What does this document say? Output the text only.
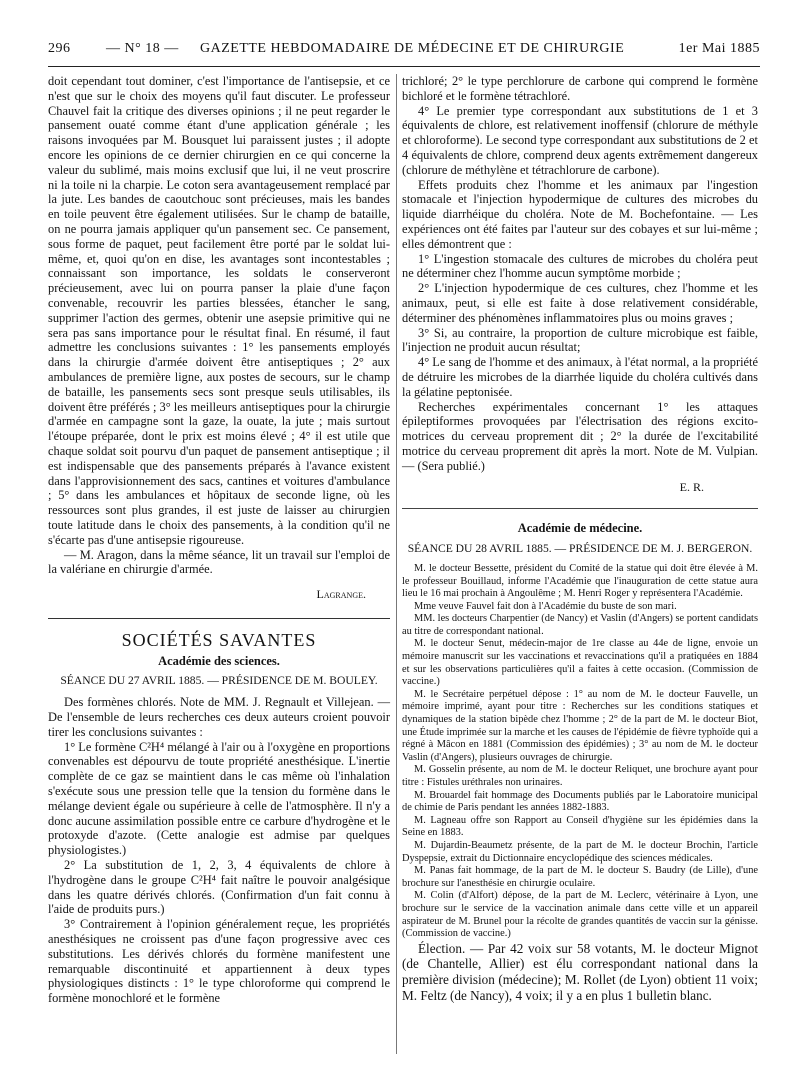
296	— N° 18 — GAZETTE HEBDOMADAIRE DE MÉDECINE ET DE CHIRURGIE	1er Mai 1885

doit cependant tout dominer, c'est l'importance de l'antisepsie, et ce n'est que sur le choix des moyens qu'il faut discuter. Le professeur Chauvel fait la critique des diverses opinions ; il ne peut regarder le pansement ouaté comme étant d'une application générale ; les raisons invoquées par M. Bousquet lui paraissent justes ; il adopte encore les opinions de ce dernier chirurgien en ce qui concerne la valeur du sublimé, mais moins exclusif que lui, il ne veut proscrire ni la toile ni la charpie. Le coton sera avantageusement remplacé par la jute. Les bandes de caoutchouc sont précieuses, mais les bandes en toile peuvent être également utilisées. Sur le champ de bataille, on ne pourra jamais appliquer qu'un pansement sec. Ce pansement, sous forme de paquet, peut facilement être porté par le soldat lui-même, et, quoi qu'on en dise, les avantages sont incontestables ; connaissant son importance, les soldats le conserveront précieusement, avec lui on pourra panser la plaie d'une façon convenable, recouvrir les parties blessées, étancher le sang, supprimer l'action des germes, obtenir une asepsie primitive qui ne sera pas sans importance pour le résultat final. En résumé, il faut admettre les conclusions suivantes : 1° les pansements employés dans la chirurgie d'armée doivent être antiseptiques ; 2° aux ambulances de première ligne, aux postes de secours, sur le champ de bataille, les pansements secs sont presque seuls utilisables, ils doivent être préférés ; 3° les meilleurs antiseptiques pour la chirurgie d'armée en campagne sont la gaze, la ouate, la jute ; mais surtout l'étoupe préparée, dont le prix est moins élevé ; 4° il est utile que chaque soldat soit pourvu d'un paquet de pansement antiseptique ; il est indispensable que des pansements préparés à l'avance existent dans l'approvisionnement des sacs, cantines et voitures d'ambulance ; 5° dans les ambulances et hôpitaux de seconde ligne, où les ressources sont plus grandes, il est juste de laisser au chirurgien toute latitude dans le choix des pansements, à la condition qu'il ne s'écarte pas d'une antisepsie rigoureuse.

— M. Aragon, dans la même séance, lit un travail sur l'emploi de la valériane en chirurgie d'armée.

Lagrange.
SOCIÉTÉS SAVANTES
Académie des sciences.
SÉANCE DU 27 AVRIL 1885. — PRÉSIDENCE DE M. BOULEY.

Des formènes chlorés. Note de MM. J. Regnault et Villejean. — De l'ensemble de leurs recherches ces deux auteurs croient pouvoir tirer les conclusions suivantes :

1° Le formène C²H⁴ mélangé à l'air ou à l'oxygène en proportions convenables est dépourvu de toute propriété anesthésique. L'inertie complète de ce gaz se maintient dans le cas même où l'inhalation s'exécute sous une pression telle que la tension du formène dans le mélange devient égale ou supérieure à celle de l'atmosphère. Il n'y a donc aucune assimilation possible entre ce carbure d'hydrogène et le protoxyde d'azote. (Cette analogie est admise par quelques physiologistes.)

2° La substitution de 1, 2, 3, 4 équivalents de chlore à l'hydrogène dans le groupe C²H⁴ fait naître le pouvoir analgésique dans les quatre dérivés chlorés. (Confirmation d'un fait connu à l'aide de produits purs.)

3° Contrairement à l'opinion généralement reçue, les propriétés anesthésiques ne croissent pas d'une façon progressive avec ces substitutions. Les dérivés chlorés du formène manifestent une remarquable discontinuité et appartiennent à deux types physiologiques distincts : 1° le type chloroforme qui comprend le formène monochloré et le formène

trichloré; 2° le type perchlorure de carbone qui comprend le formène bichloré et le formène tétrachloré.

4° Le premier type correspondant aux substitutions de 1 et 3 équivalents de chlore, est relativement inoffensif (chlorure de méthyle et chloroforme). Le second type correspondant aux substitutions de 2 et 4 équivalents de chlore, comprend deux agents extrêmement dangereux (chlorure de méthylène et tétrachlorure de carbone).

Effets produits chez l'homme et les animaux par l'ingestion stomacale et l'injection hypodermique de cultures des microbes du liquide diarrhéique du choléra. Note de M. Bochefontaine. — Les expériences ont été faites par l'auteur sur des cobayes et sur lui-même ; elles démontrent que :

1° L'ingestion stomacale des cultures de microbes du choléra peut ne déterminer chez l'homme aucun symptôme morbide ;

2° L'injection hypodermique de ces cultures, chez l'homme et les animaux, peut, si elle est faite à dose relativement considérable, déterminer des phénomènes inflammatoires plus ou moins graves ;

3° Si, au contraire, la proportion de culture microbique est faible, l'injection ne produit aucun résultat;

4° Le sang de l'homme et des animaux, à l'état normal, a la propriété de détruire les microbes de la diarrhée liquide du choléra cultivés dans la gélatine peptonisée.

Recherches expérimentales concernant 1° les attaques épileptiformes provoquées par l'électrisation des régions excito-motrices du cerveau proprement dit ; 2° la durée de l'excitabilité motrice du cerveau proprement dit après la mort. Note de M. Vulpian. — (Sera publié.)

E. R.
Académie de médecine.
SÉANCE DU 28 AVRIL 1885. — PRÉSIDENCE DE M. J. BERGERON.

M. le docteur Bessette, président du Comité de la statue qui doit être élevée à M. le professeur Bouillaud, informe l'Académie que l'inauguration de cette statue aura lieu le 16 mai prochain à Angoulême ; M. Henri Roger y représentera l'Académie.

Mme veuve Fauvel fait don à l'Académie du buste de son mari.

MM. les docteurs Charpentier (de Nancy) et Vaslin (d'Angers) se portent candidats au titre de correspondant national.

M. le docteur Senut, médecin-major de 1re classe au 44e de ligne, envoie un mémoire manuscrit sur les vaccinations et revaccinations qu'il a pratiquées en 1884 et sur les observations particulières qu'il a faites à cette occasion. (Commission de vaccine.)

M. le Secrétaire perpétuel dépose : 1° au nom de M. le docteur Fauvelle, un mémoire imprimé, ayant pour titre : Recherches sur les conditions statiques et dynamiques de la station bipède chez l'homme ; 2° de la part de M. le docteur Biot, une Étude imprimée sur la marche et les causes de l'épidémie de fièvre typhoïde qui a régné à Mâcon en 1881 (Commission des épidémies) ; 3° au nom de M. le docteur Vaslin (d'Angers), plusieurs ouvrages de chirurgie.

M. Gosselin présente, au nom de M. le docteur Reliquet, une brochure ayant pour titre : Fistules uréthrales non urinaires.

M. Brouardel fait hommage des Documents publiés par le Laboratoire municipal de chimie de Paris pendant les années 1882-1883.

M. Lagneau offre son Rapport au Conseil d'hygiène sur les épidémies dans la Seine en 1883.

M. Dujardin-Beaumetz présente, de la part de M. le docteur Brochin, l'article Dyspepsie, extrait du Dictionnaire encyclopédique des sciences médicales.

M. Panas fait hommage, de la part de M. le docteur S. Baudry (de Lille), d'une brochure sur l'anesthésie en chirurgie oculaire.

M. Colin (d'Alfort) dépose, de la part de M. Leclerc, vétérinaire à Lyon, une brochure sur le service de la vaccination animale dans cette ville et un appareil aspirateur de M. Brunel pour la récolte de grandes quantités de vaccin sur la génisse. (Commission de vaccine.)

Élection. — Par 42 voix sur 58 votants, M. le docteur Mignot (de Chantelle, Allier) est élu correspondant national dans la première division (médecine); M. Rollet (de Lyon) obtient 11 voix; M. Feltz (de Nancy), 4 voix; il y a en plus 1 bulletin blanc.
